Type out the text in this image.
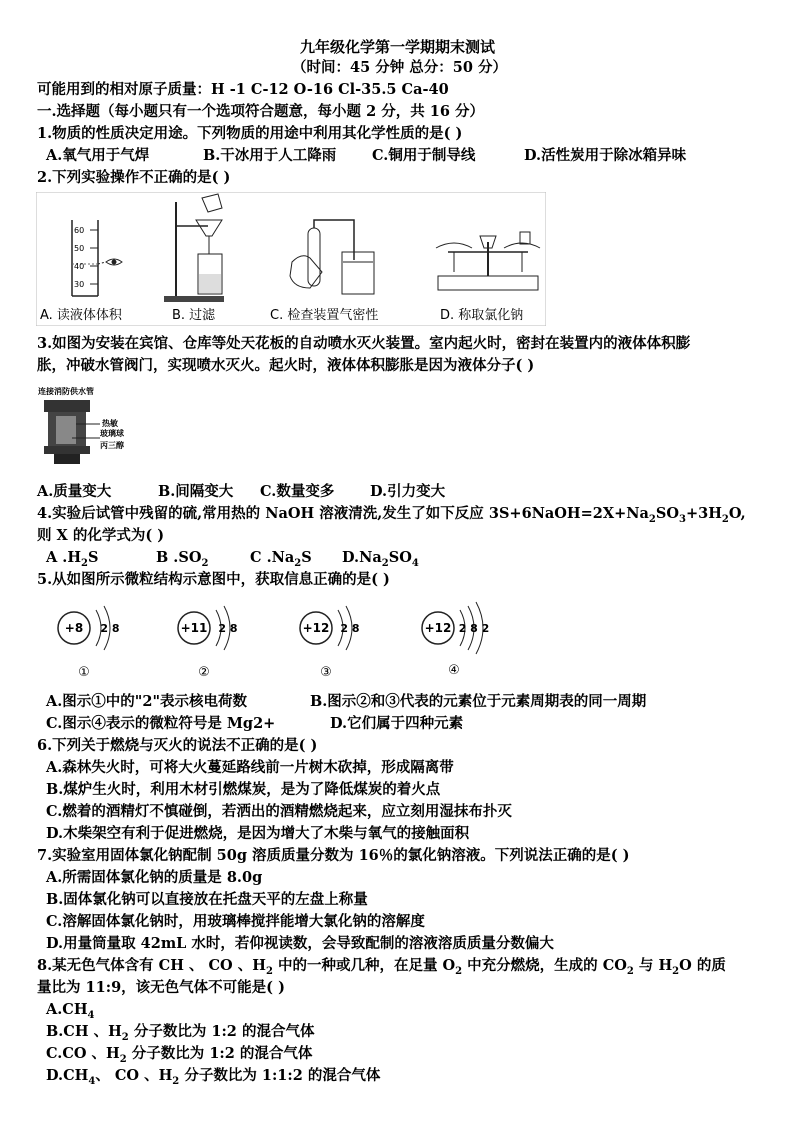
九年级化学第一学期期末测试
（时间：45 分钟 总分：50 分）
可能用到的相对原子质量：H -1 C-12 O-16 Cl-35.5 Ca-40
一.选择题（每小题只有一个选项符合题意，每小题 2 分，共 16 分）
1.物质的性质决定用途。下列物质的用途中利用其化学性质的是( )
A.氧气用于气焊	B.干冰用于人工降雨 C.铜用于制导线	D.活性炭用于除冰箱异味
2.下列实验操作不正确的是( )
60
50
40
30
A. 读液体体积	B. 过滤	C. 检查装置气密性	D. 称取氯化钠
3.如图为安装在宾馆、仓库等处天花板的自动喷水灭火装置。室内起火时，密封在装置内的液体体积膨
胀，冲破水管阀门，实现喷水灭火。起火时，液体体积膨胀是因为液体分子( )
连接消防供水管
热敏
玻璃球
丙三醇
A.质量变大	B.间隔变大 C.数量变多 D.引力变大
4.实验后试管中残留的硫,常用热的 NaOH 溶液清洗,发生了如下反应 $3S+6NaOH=2X+Na_2SO_3+3H_2O$,
则 X 的化学式为( )
A $.H_2S$	B $.SO_2$	C $.Na_2S$ $D.Na_2SO_4$
5.从如图所示微粒结构示意图中，获取信息正确的是( )
+8 2 8
①
+11 2 8
②
+12 2 8
③
+12 2 8 2
④
A.图示①中的"2"表示核电荷数	B.图示②和③代表的元素位于元素周期表的同一周期
C.图示④表示的微粒符号是 Mg2+	D.它们属于四种元素
6.下列关于燃烧与灭火的说法不正确的是( )
A.森林失火时，可将大火蔓延路线前一片树木砍掉，形成隔离带
B.煤炉生火时，利用木材引燃煤炭，是为了降低煤炭的着火点
C.燃着的酒精灯不慎碰倒，若洒出的酒精燃烧起来，应立刻用湿抹布扑灭
D.木柴架空有利于促进燃烧，是因为增大了木柴与氧气的接触面积
7.实验室用固体氯化钠配制 50g 溶质质量分数为 16％的氯化钠溶液。下列说法正确的是( )
A.所需固体氯化钠的质量是 8.0g
B.固体氯化钠可以直接放在托盘天平的左盘上称量
C.溶解固体氯化钠时，用玻璃棒搅拌能增大氯化钠的溶解度
D.用量筒量取 42mL 水时，若仰视读数，会导致配制的溶液溶质质量分数偏大
8.某无色气体含有 CH 、 CO 、$H_2$ 中的一种或几种，在足量 $O_2$ 中充分燃烧，生成的 $CO_2$ 与 $H_2O$ 的质
量比为 11:9，该无色气体不可能是( )
$A.CH_4$
B.CH 、$H_2$ 分子数比为 1:2 的混合气体
C.CO 、$H_2$ 分子数比为 1:2 的混合气体
$D.CH_4$、 CO 、$H_2$ 分子数比为 1:1:2 的混合气体
